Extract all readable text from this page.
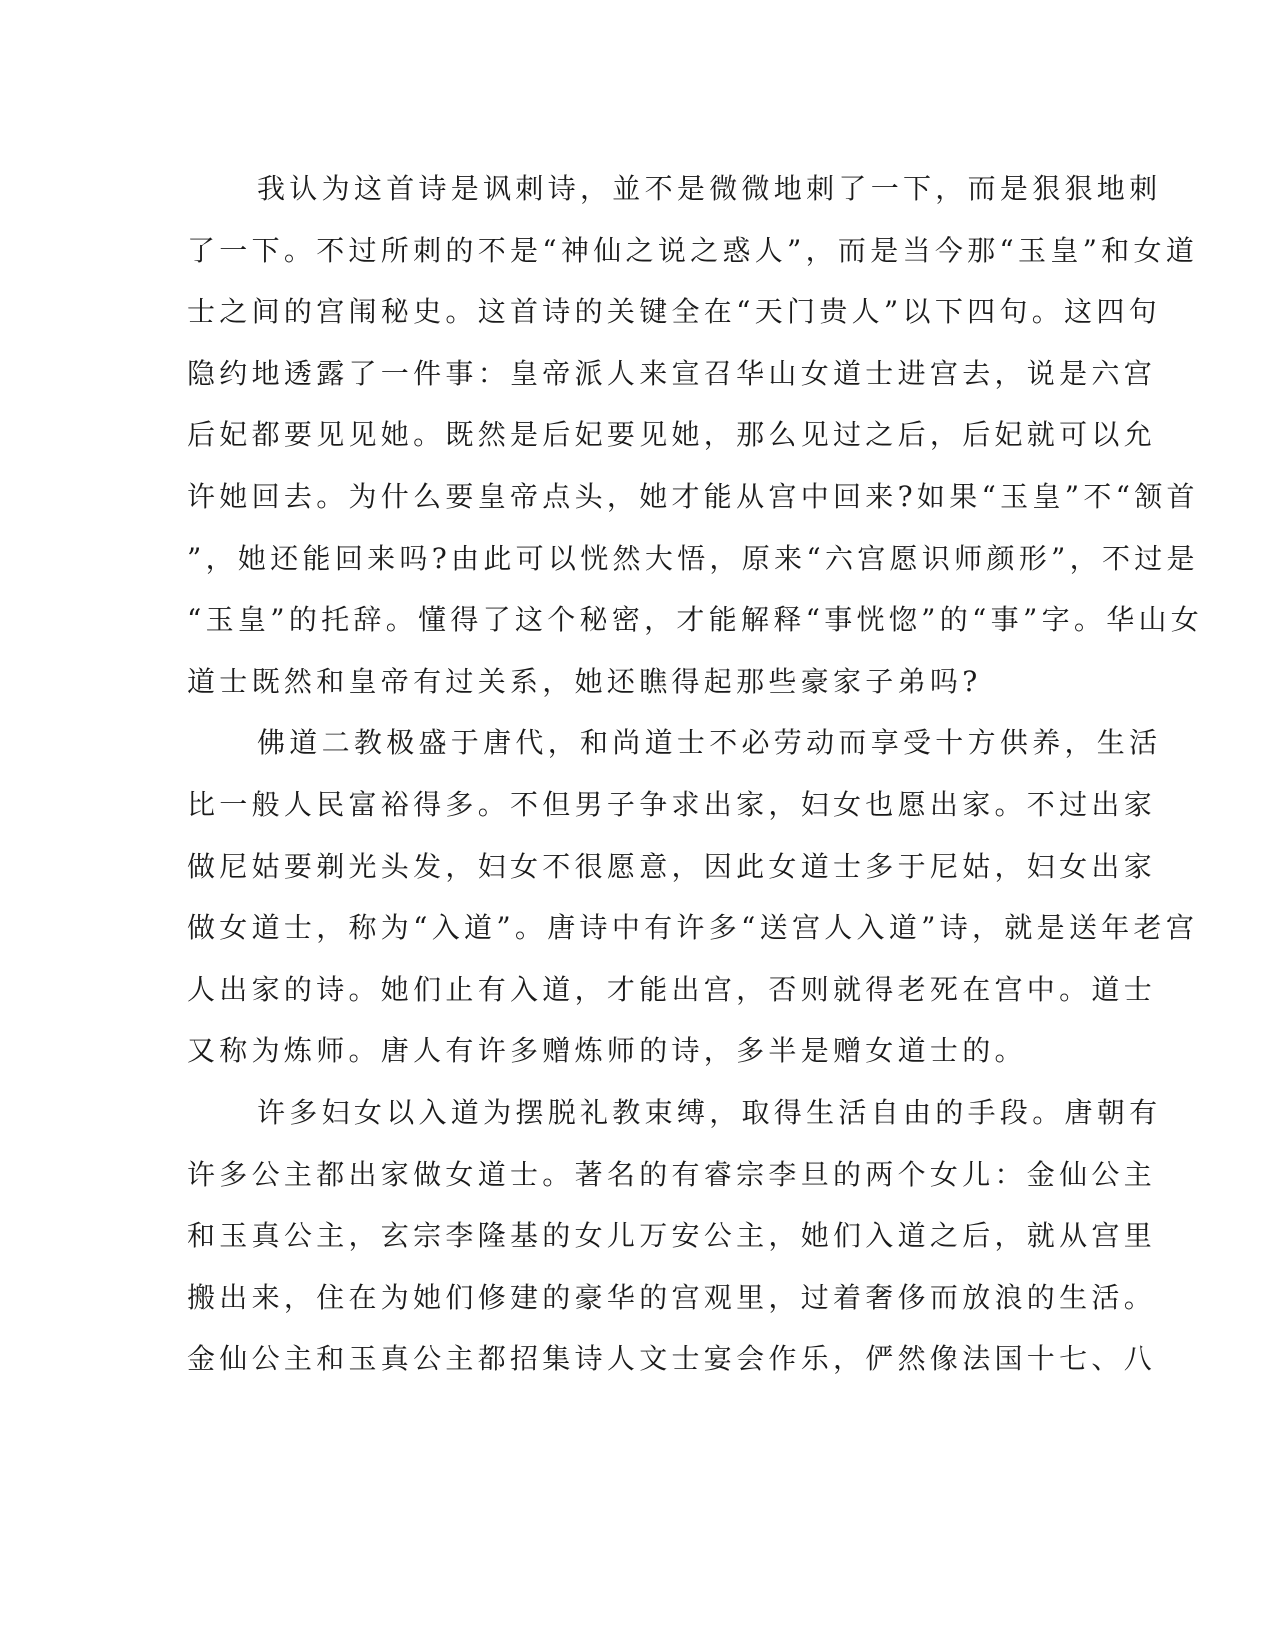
我认为这首诗是讽刺诗，並不是微微地刺了一下，而是狠狠地刺
了一下。不过所刺的不是“神仙之说之惑人”，而是当今那“玉皇”和女道
士之间的宫闱秘史。这首诗的关键全在“天门贵人”以下四句。这四句
隐约地透露了一件事：皇帝派人来宣召华山女道士进宫去，说是六宫
后妃都要见见她。既然是后妃要见她，那么见过之后，后妃就可以允
许她回去。为什么要皇帝点头，她才能从宫中回来?如果“玉皇”不“颔首
”，她还能回来吗?由此可以恍然大悟，原来“六宫愿识师颜形”，不过是
“玉皇”的托辞。懂得了这个秘密，才能解释“事恍惚”的“事”字。华山女
道士既然和皇帝有过关系，她还瞧得起那些豪家子弟吗?
佛道二教极盛于唐代，和尚道士不必劳动而享受十方供养，生活
比一般人民富裕得多。不但男子争求出家，妇女也愿出家。不过出家
做尼姑要剃光头发，妇女不很愿意，因此女道士多于尼姑，妇女出家
做女道士，称为“入道”。唐诗中有许多“送宫人入道”诗，就是送年老宫
人出家的诗。她们止有入道，才能出宫，否则就得老死在宫中。道士
又称为炼师。唐人有许多赠炼师的诗，多半是赠女道士的。
许多妇女以入道为摆脱礼教束缚，取得生活自由的手段。唐朝有
许多公主都出家做女道士。著名的有睿宗李旦的两个女儿：金仙公主
和玉真公主，玄宗李隆基的女儿万安公主，她们入道之后，就从宫里
搬出来，住在为她们修建的豪华的宫观里，过着奢侈而放浪的生活。
金仙公主和玉真公主都招集诗人文士宴会作乐，俨然像法国十七、八
